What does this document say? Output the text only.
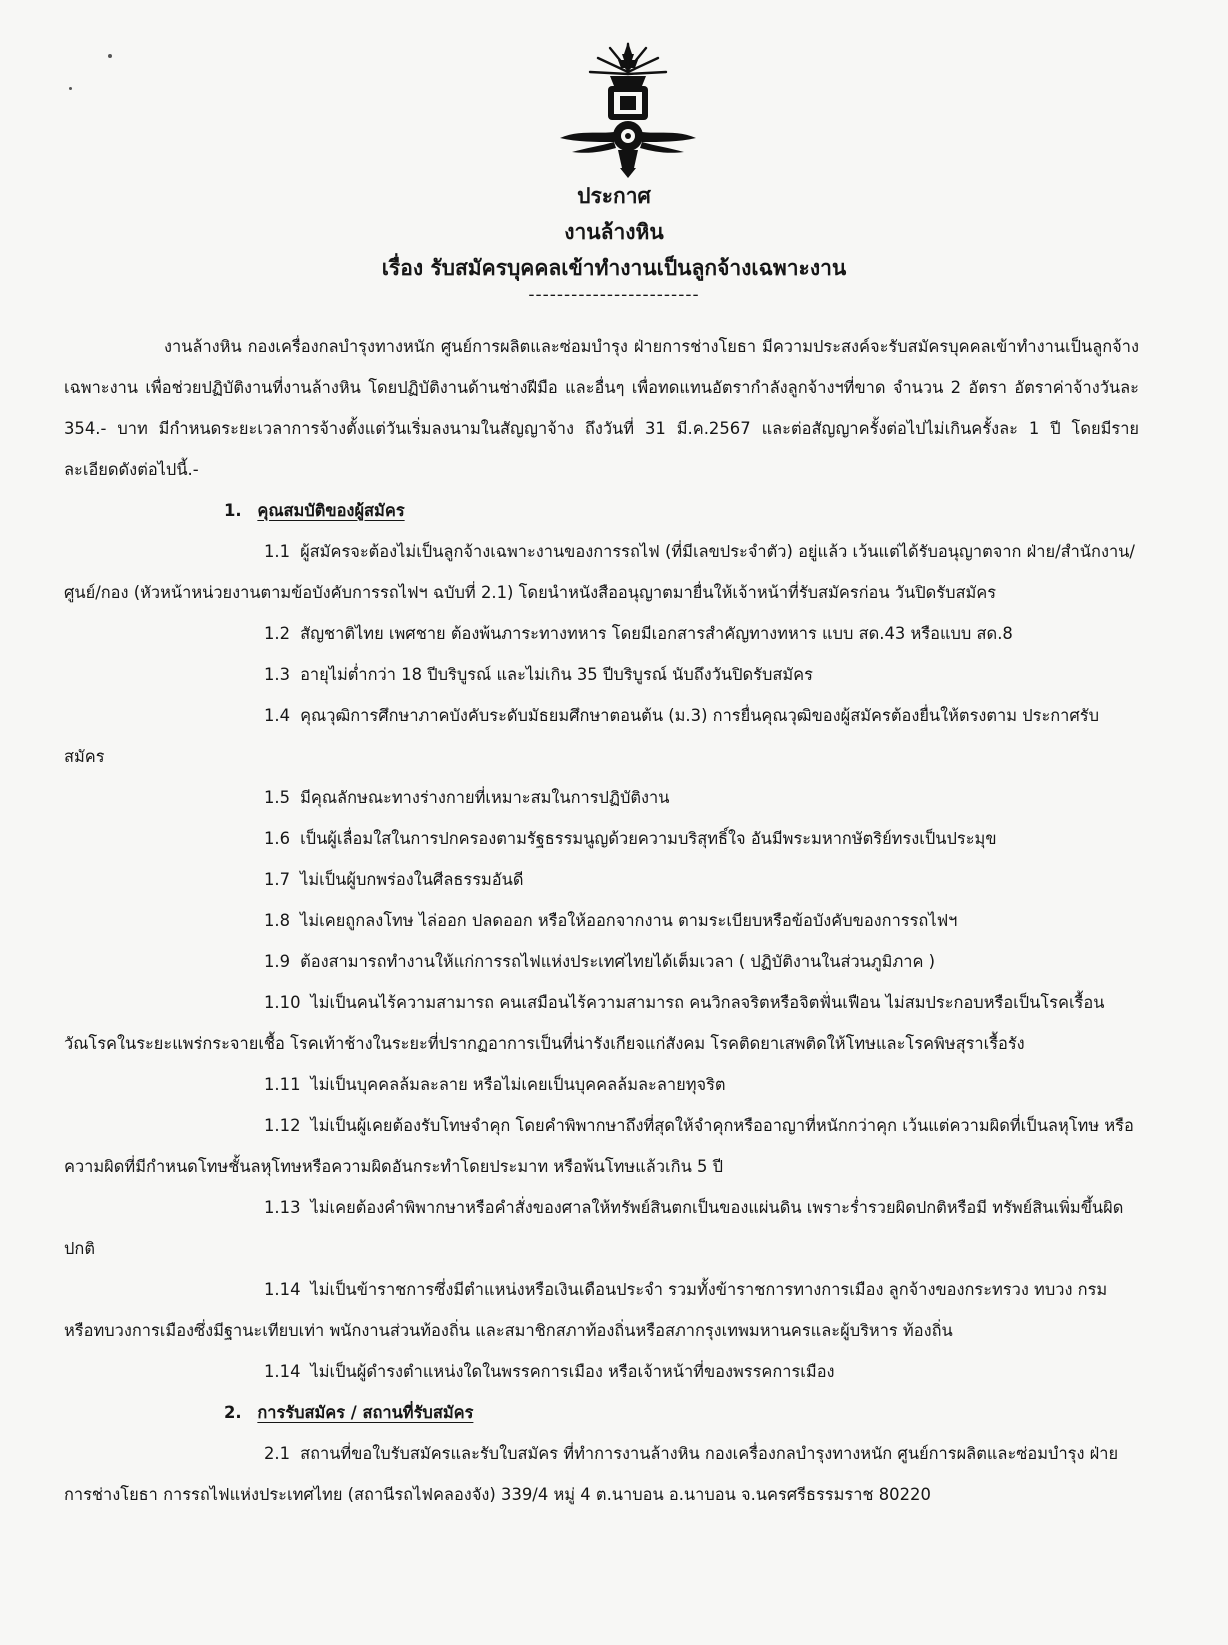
ประกาศ
งานล้างหิน
เรื่อง รับสมัครบุคคลเข้าทำงานเป็นลูกจ้างเฉพาะงาน
------------------------

งานล้างหิน กองเครื่องกลบำรุงทางหนัก ศูนย์การผลิตและซ่อมบำรุง ฝ่ายการช่างโยธา มีความประสงค์จะรับสมัครบุคคลเข้าทำงานเป็นลูกจ้างเฉพาะงาน เพื่อช่วยปฏิบัติงานที่งานล้างหิน โดยปฏิบัติงานด้านช่างฝีมือ และอื่นๆ เพื่อทดแทนอัตรากำลังลูกจ้างฯที่ขาด จำนวน 2 อัตรา อัตราค่าจ้างวันละ 354.- บาท มีกำหนดระยะเวลาการจ้างตั้งแต่วันเริ่มลงนามในสัญญาจ้าง ถึงวันที่ 31 มี.ค.2567 และต่อสัญญาครั้งต่อไปไม่เกินครั้งละ 1 ปี โดยมีรายละเอียดดังต่อไปนี้.-

1. คุณสมบัติของผู้สมัคร

1.1 ผู้สมัครจะต้องไม่เป็นลูกจ้างเฉพาะงานของการรถไฟ (ที่มีเลขประจำตัว) อยู่แล้ว เว้นแต่ได้รับอนุญาตจาก ฝ่าย/สำนักงาน/ศูนย์/กอง (หัวหน้าหน่วยงานตามข้อบังคับการรถไฟฯ ฉบับที่ 2.1) โดยนำหนังสืออนุญาตมายื่นให้เจ้าหน้าที่รับสมัครก่อน วันปิดรับสมัคร

1.2 สัญชาติไทย เพศชาย ต้องพ้นภาระทางทหาร โดยมีเอกสารสำคัญทางทหาร แบบ สด.43 หรือแบบ สด.8

1.3 อายุไม่ต่ำกว่า 18 ปีบริบูรณ์ และไม่เกิน 35 ปีบริบูรณ์ นับถึงวันปิดรับสมัคร

1.4 คุณวุฒิการศึกษาภาคบังคับระดับมัธยมศึกษาตอนต้น (ม.3) การยื่นคุณวุฒิของผู้สมัครต้องยื่นให้ตรงตาม ประกาศรับสมัคร

1.5 มีคุณลักษณะทางร่างกายที่เหมาะสมในการปฏิบัติงาน

1.6 เป็นผู้เลื่อมใสในการปกครองตามรัฐธรรมนูญด้วยความบริสุทธิ์ใจ อันมีพระมหากษัตริย์ทรงเป็นประมุข

1.7 ไม่เป็นผู้บกพร่องในศีลธรรมอันดี

1.8 ไม่เคยถูกลงโทษ ไล่ออก ปลดออก หรือให้ออกจากงาน ตามระเบียบหรือข้อบังคับของการรถไฟฯ

1.9 ต้องสามารถทำงานให้แก่การรถไฟแห่งประเทศไทยได้เต็มเวลา ( ปฏิบัติงานในส่วนภูมิภาค )

1.10 ไม่เป็นคนไร้ความสามารถ คนเสมือนไร้ความสามารถ คนวิกลจริตหรือจิตฟั่นเฟือน ไม่สมประกอบหรือเป็นโรคเรื้อน วัณโรคในระยะแพร่กระจายเชื้อ โรคเท้าช้างในระยะที่ปรากฏอาการเป็นที่น่ารังเกียจแก่สังคม โรคติดยาเสพติดให้โทษและโรคพิษสุราเรื้อรัง

1.11 ไม่เป็นบุคคลล้มละลาย หรือไม่เคยเป็นบุคคลล้มละลายทุจริต

1.12 ไม่เป็นผู้เคยต้องรับโทษจำคุก โดยคำพิพากษาถึงที่สุดให้จำคุกหรืออาญาที่หนักกว่าคุก เว้นแต่ความผิดที่เป็นลหุโทษ หรือความผิดที่มีกำหนดโทษชั้นลหุโทษหรือความผิดอันกระทำโดยประมาท หรือพ้นโทษแล้วเกิน 5 ปี

1.13 ไม่เคยต้องคำพิพากษาหรือคำสั่งของศาลให้ทรัพย์สินตกเป็นของแผ่นดิน เพราะร่ำรวยผิดปกติหรือมี ทรัพย์สินเพิ่มขึ้นผิดปกติ

1.14 ไม่เป็นข้าราชการซึ่งมีตำแหน่งหรือเงินเดือนประจำ รวมทั้งข้าราชการทางการเมือง ลูกจ้างของกระทรวง ทบวง กรม หรือทบวงการเมืองซึ่งมีฐานะเทียบเท่า พนักงานส่วนท้องถิ่น และสมาชิกสภาท้องถิ่นหรือสภากรุงเทพมหานครและผู้บริหาร ท้องถิ่น

1.14 ไม่เป็นผู้ดำรงตำแหน่งใดในพรรคการเมือง หรือเจ้าหน้าที่ของพรรคการเมือง

2. การรับสมัคร / สถานที่รับสมัคร

2.1 สถานที่ขอใบรับสมัครและรับใบสมัคร ที่ทำการงานล้างหิน กองเครื่องกลบำรุงทางหนัก ศูนย์การผลิตและซ่อมบำรุง ฝ่ายการช่างโยธา การรถไฟแห่งประเทศไทย (สถานีรถไฟคลองจัง) 339/4 หมู่ 4 ต.นาบอน อ.นาบอน จ.นครศรีธรรมราช 80220
